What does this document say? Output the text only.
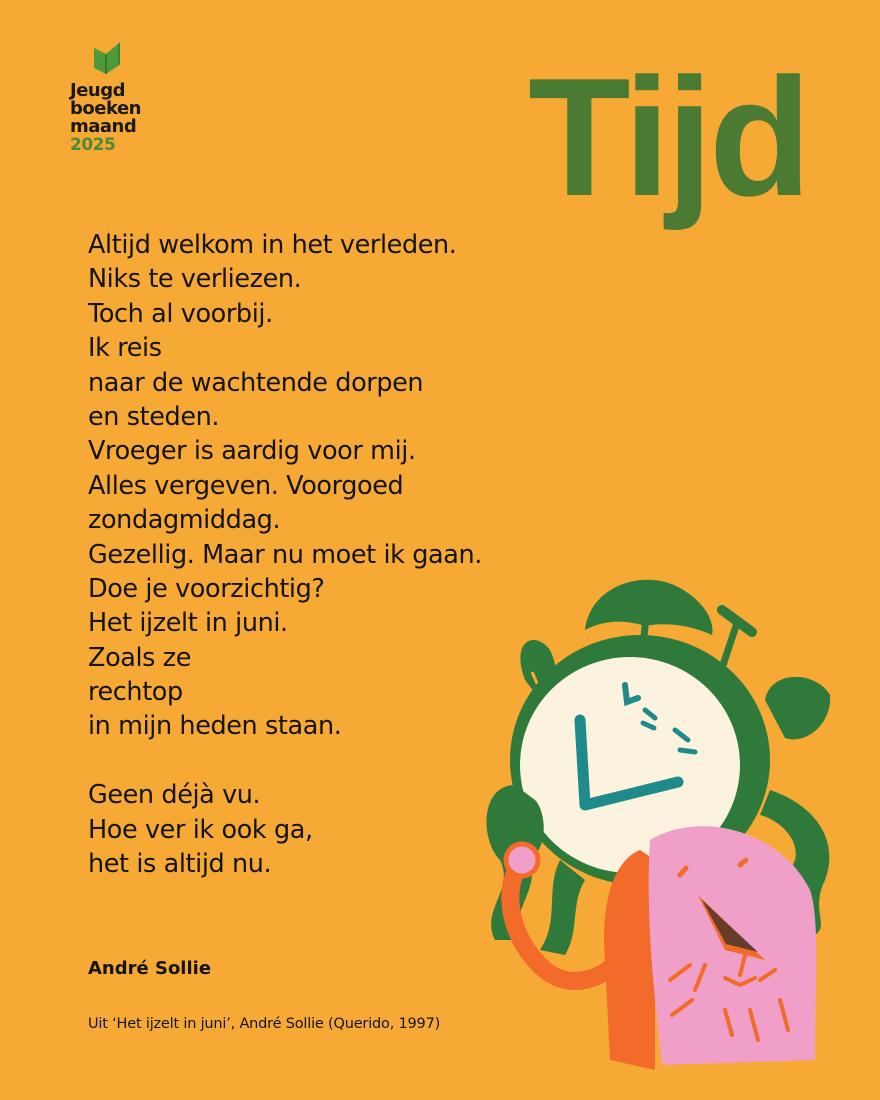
Jeugd
boeken
maand
2025 Tijd
Altijd welkom in het verleden.
Niks te verliezen.
Toch al voorbij.
Ik reis
naar de wachtende dorpen
en steden.
Vroeger is aardig voor mij.
Alles vergeven. Voorgoed
zondagmiddag.
Gezellig. Maar nu moet ik gaan.
Doe je voorzichtig?
Het ijzelt in juni.
Zoals ze
rechtop
in mijn heden staan.
Geen déjà vu.
Hoe ver ik ook ga,
het is altijd nu.
André Sollie
Uit ‘Het ijzelt in juni’, André Sollie (Querido, 1997)
